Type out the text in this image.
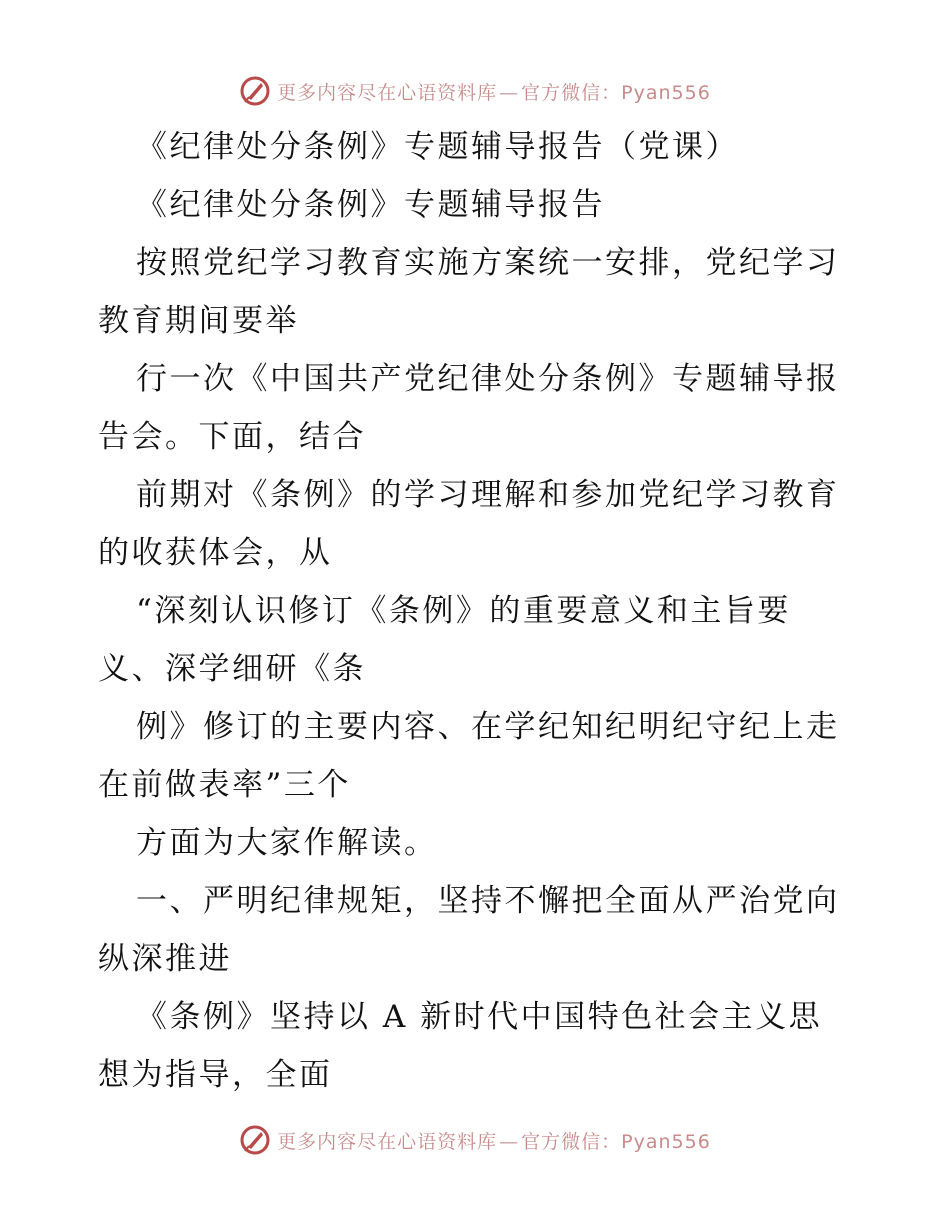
更多内容尽在心语资料库 — 官方微信：Pyan556
《纪律处分条例》专题辅导报告（党课）
《纪律处分条例》专题辅导报告
按照党纪学习教育实施方案统一安排，党纪学习
教育期间要举
行一次《中国共产党纪律处分条例》专题辅导报
告会。下面，结合
前期对《条例》的学习理解和参加党纪学习教育
的收获体会，从
“深刻认识修订《条例》的重要意义和主旨要
义、深学细研《条
例》修订的主要内容、在学纪知纪明纪守纪上走
在前做表率”三个
方面为大家作解读。
一、严明纪律规矩，坚持不懈把全面从严治党向
纵深推进
《条例》坚持以 A 新时代中国特色社会主义思
想为指导，全面
更多内容尽在心语资料库 — 官方微信：Pyan556
